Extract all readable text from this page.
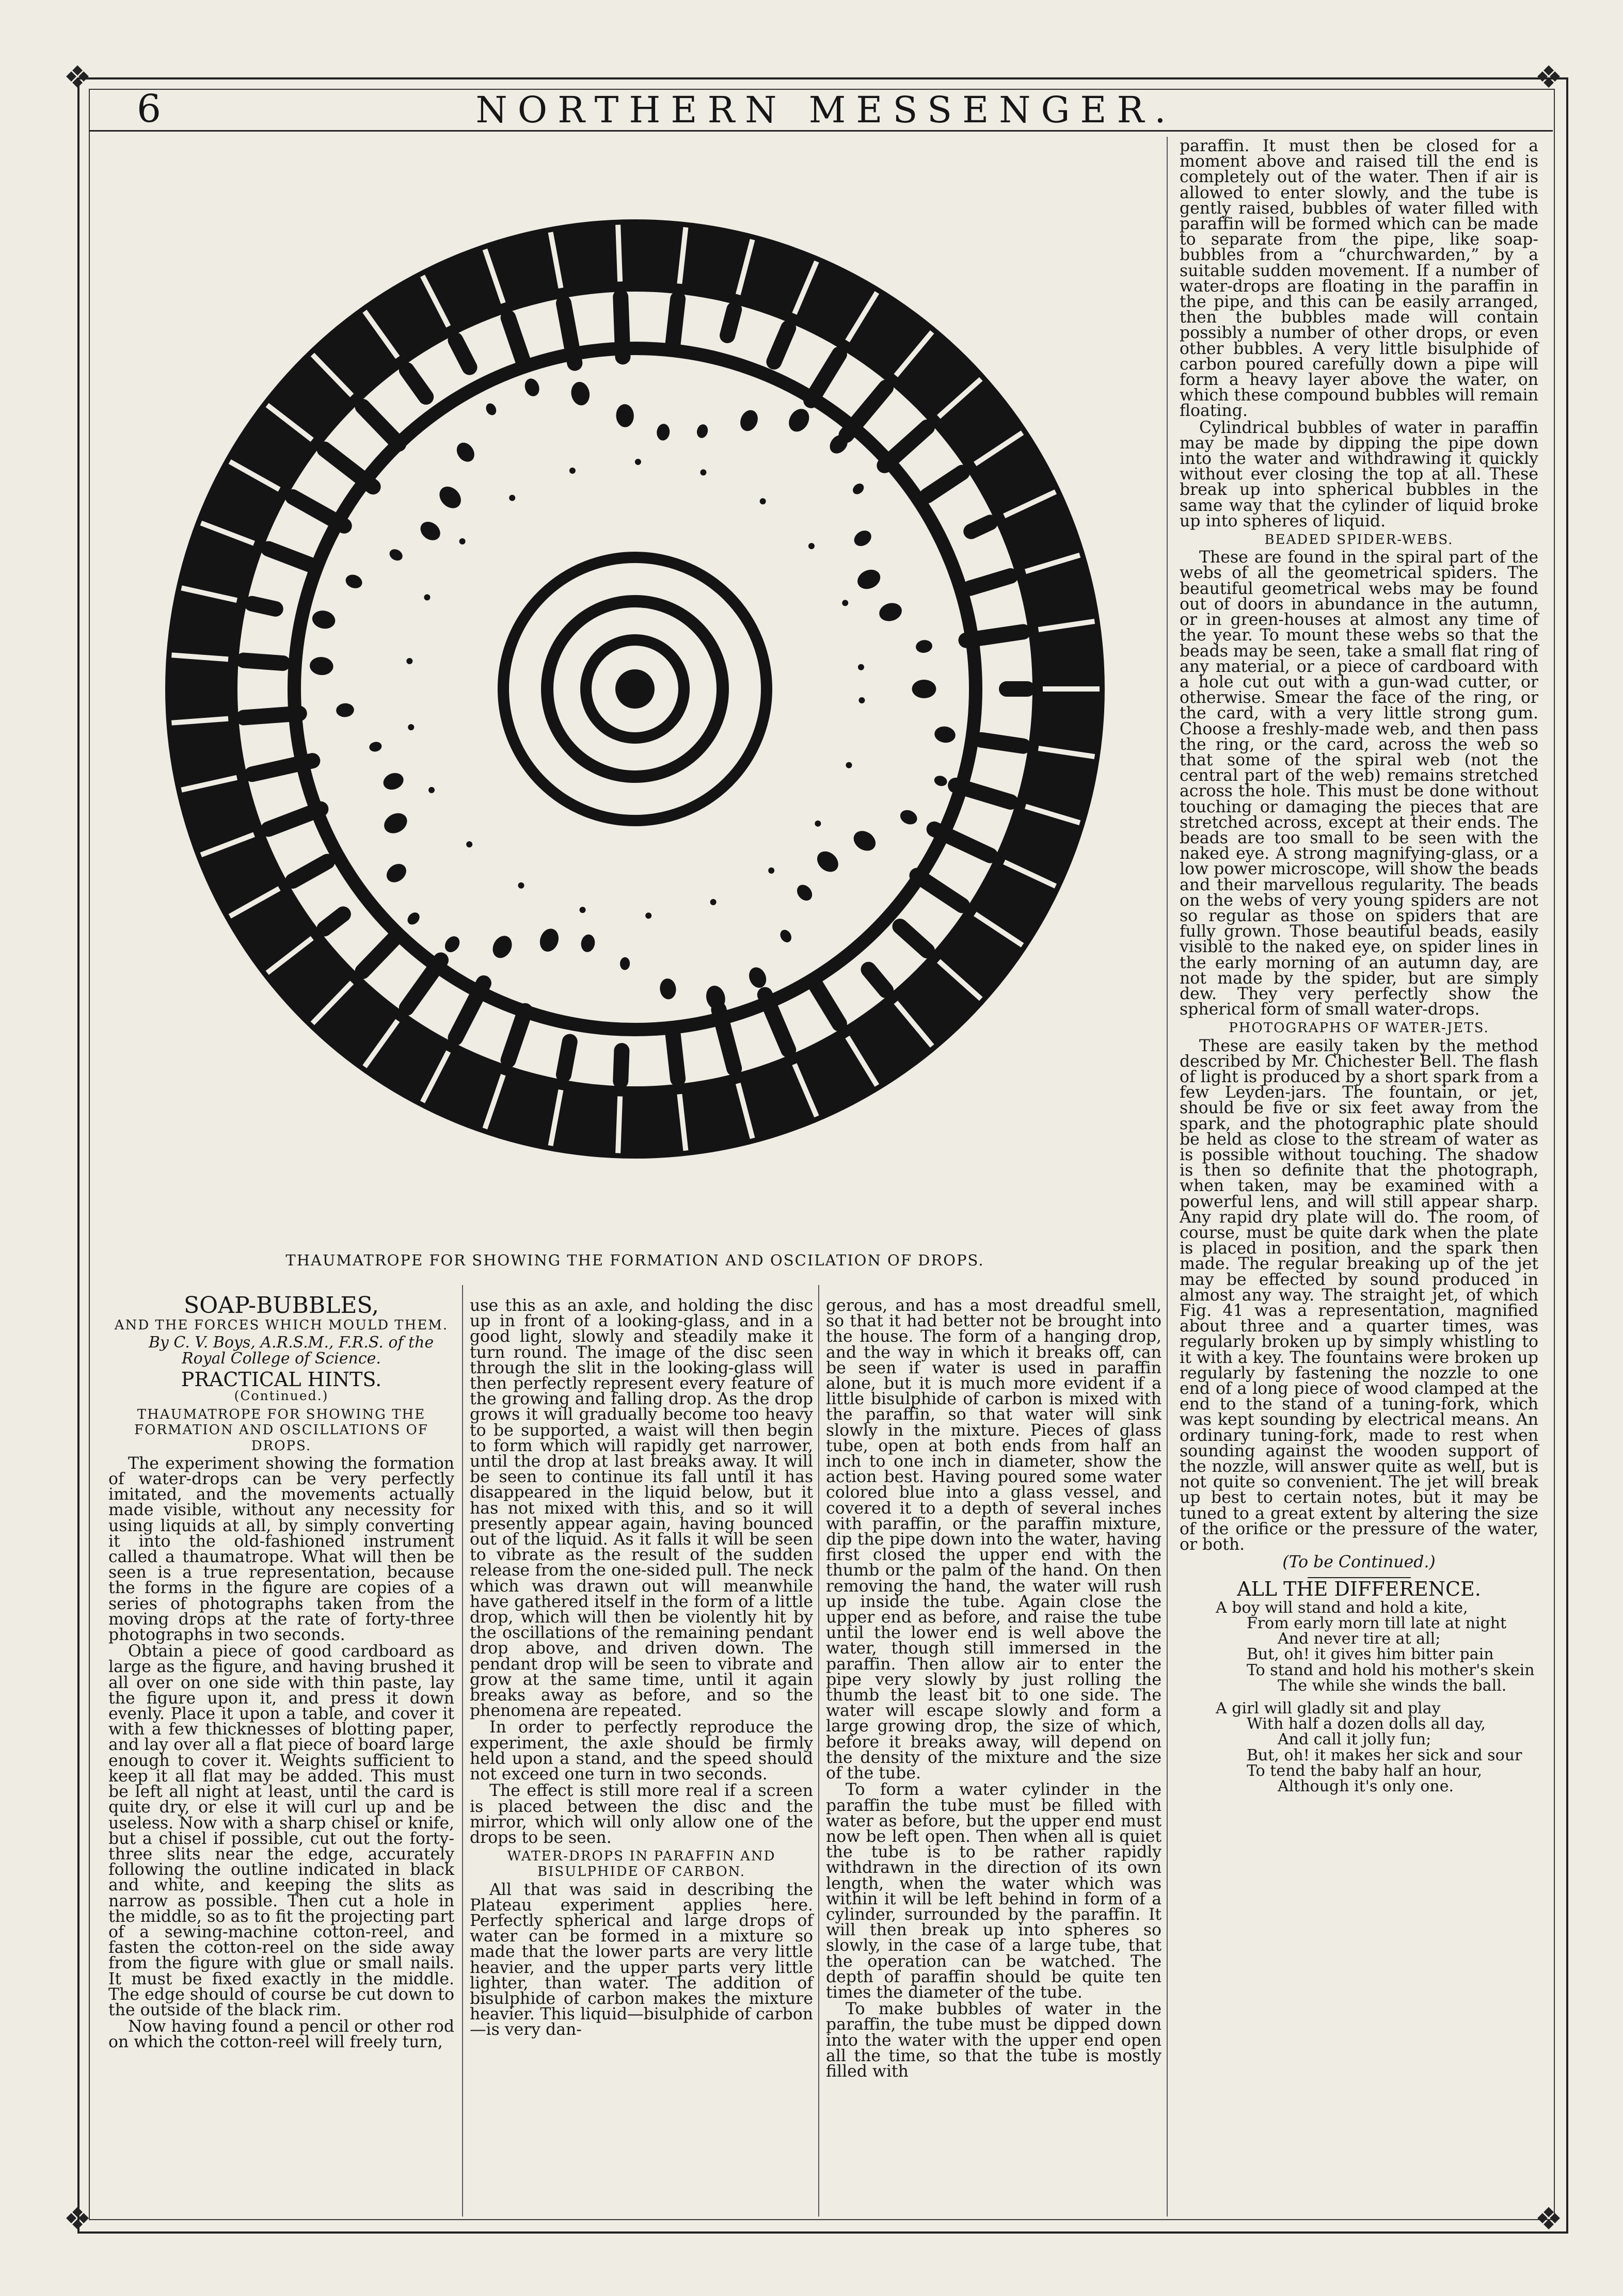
❖	❖
❖	❖
6	NORTHERN MESSENGER.
THAUMATROPE FOR SHOWING THE FORMATION AND OSCILATION OF DROPS.

paraffin. It must then be closed for a moment above and raised till the end is completely out of the water. Then if air is allowed to enter slowly, and the tube is gently raised, bubbles of water filled with paraffin will be formed which can be made to separate from the pipe, like soap-bubbles from a “churchwarden,” by a suitable sudden movement. If a number of water-drops are floating in the paraffin in the pipe, and this can be easily arranged, then the bubbles made will contain possibly a number of other drops, or even other bubbles. A very little bisulphide of carbon poured carefully down a pipe will form a heavy layer above the water, on which these compound bubbles will remain floating.

Cylindrical bubbles of water in paraffin may be made by dipping the pipe down into the water and withdrawing it quickly without ever closing the top at all. These break up into spherical bubbles in the same way that the cylinder of liquid broke up into spheres of liquid.

BEADED SPIDER-WEBS.

These are found in the spiral part of the webs of all the geometrical spiders. The beautiful geometrical webs may be found out of doors in abundance in the autumn, or in green-houses at almost any time of the year. To mount these webs so that the beads may be seen, take a small flat ring of any material, or a piece of cardboard with a hole cut out with a gun-wad cutter, or otherwise. Smear the face of the ring, or the card, with a very little strong gum. Choose a freshly-made web, and then pass the ring, or the card, across the web so that some of the spiral web (not the central part of the web) remains stretched across the hole. This must be done without touching or damaging the pieces that are stretched across, except at their ends. The beads are too small to be seen with the naked eye. A strong magnifying-glass, or a low power microscope, will show the beads and their marvellous regularity. The beads on the webs of very young spiders are not so regular as those on spiders that are fully grown. Those beautiful beads, easily visible to the naked eye, on spider lines in the early morning of an autumn day, are not made by the spider, but are simply dew. They very perfectly show the spherical form of small water-drops.

PHOTOGRAPHS OF WATER-JETS.

These are easily taken by the method described by Mr. Chichester Bell. The flash of light is produced by a short spark from a few Leyden-jars. The fountain, or jet, should be five or six feet away from the spark, and the photographic plate should be held as close to the stream of water as is possible without touching. The shadow is then so definite that the photograph, when taken, may be examined with a powerful lens, and will still appear sharp. Any rapid dry plate will do. The room, of course, must be quite dark when the plate is placed in position, and the spark then made. The regular breaking up of the jet may be effected by sound produced in almost any way. The straight jet, of which Fig. 41 was a representation, magnified about three and a quarter times, was regularly broken up by simply whistling to it with a key. The fountains were broken up regularly by fastening the nozzle to one end of a long piece of wood clamped at the end to the stand of a tuning-fork, which was kept sounding by electrical means. An ordinary tuning-fork, made to rest when sounding against the wooden support of the nozzle, will answer quite as well, but is not quite so convenient. The jet will break up best to certain notes, but it may be tuned to a great extent by altering the size of the orifice or the pressure of the water, or both.

(To be Continued.)

ALL THE DIFFERENCE.

A boy will stand and hold a kite,

From early morn till late at night

And never tire at all;

But, oh! it gives him bitter pain

To stand and hold his mother's skein

The while she winds the ball.

A girl will gladly sit and play

With half a dozen dolls all day,

And call it jolly fun;

But, oh! it makes her sick and sour

To tend the baby half an hour,

Although it's only one.

SOAP-BUBBLES,
AND THE FORCES WHICH MOULD THEM.

By C. V. Boys, A.R.S.M., F.R.S. of the Royal College of Science.

PRACTICAL HINTS.
(Continued.)
THAUMATROPE FOR SHOWING THE FORMATION AND OSCILLATIONS OF DROPS.

The experiment showing the formation of water-drops can be very perfectly imitated, and the movements actually made visible, without any necessity for using liquids at all, by simply converting it into the old-fashioned instrument called a thaumatrope. What will then be seen is a true representation, because the forms in the figure are copies of a series of photographs taken from the moving drops at the rate of forty-three photographs in two seconds.

Obtain a piece of good cardboard as large as the figure, and having brushed it all over on one side with thin paste, lay the figure upon it, and press it down evenly. Place it upon a table, and cover it with a few thicknesses of blotting paper, and lay over all a flat piece of board large enough to cover it. Weights sufficient to keep it all flat may be added. This must be left all night at least, until the card is quite dry, or else it will curl up and be useless. Now with a sharp chisel or knife, but a chisel if possible, cut out the forty-three slits near the edge, accurately following the outline indicated in black and white, and keeping the slits as narrow as possible. Then cut a hole in the middle, so as to fit the projecting part of a sewing-machine cotton-reel, and fasten the cotton-reel on the side away from the figure with glue or small nails. It must be fixed exactly in the middle. The edge should of course be cut down to the outside of the black rim.

Now having found a pencil or other rod on which the cotton-reel will freely turn,

use this as an axle, and holding the disc up in front of a looking-glass, and in a good light, slowly and steadily make it turn round. The image of the disc seen through the slit in the looking-glass will then perfectly represent every feature of the growing and falling drop. As the drop grows it will gradually become too heavy to be supported, a waist will then begin to form which will rapidly get narrower, until the drop at last breaks away. It will be seen to continue its fall until it has disappeared in the liquid below, but it has not mixed with this, and so it will presently appear again, having bounced out of the liquid. As it falls it will be seen to vibrate as the result of the sudden release from the one-sided pull. The neck which was drawn out will meanwhile have gathered itself in the form of a little drop, which will then be violently hit by the oscillations of the remaining pendant drop above, and driven down. The pendant drop will be seen to vibrate and grow at the same time, until it again breaks away as before, and so the phenomena are repeated.

In order to perfectly reproduce the experiment, the axle should be firmly held upon a stand, and the speed should not exceed one turn in two seconds.

The effect is still more real if a screen is placed between the disc and the mirror, which will only allow one of the drops to be seen.

WATER-DROPS IN PARAFFIN AND BISULPHIDE OF CARBON.

All that was said in describing the Plateau experiment applies here. Perfectly spherical and large drops of water can be formed in a mixture so made that the lower parts are very little heavier, and the upper parts very little lighter, than water. The addition of bisulphide of carbon makes the mixture heavier. This liquid—bisulphide of carbon—is very dan-

gerous, and has a most dreadful smell, so that it had better not be brought into the house. The form of a hanging drop, and the way in which it breaks off, can be seen if water is used in paraffin alone, but it is much more evident if a little bisulphide of carbon is mixed with the paraffin, so that water will sink slowly in the mixture. Pieces of glass tube, open at both ends from half an inch to one inch in diameter, show the action best. Having poured some water colored blue into a glass vessel, and covered it to a depth of several inches with paraffin, or the paraffin mixture, dip the pipe down into the water, having first closed the upper end with the thumb or the palm of the hand. On then removing the hand, the water will rush up inside the tube. Again close the upper end as before, and raise the tube until the lower end is well above the water, though still immersed in the paraffin. Then allow air to enter the pipe very slowly by just rolling the thumb the least bit to one side. The water will escape slowly and form a large growing drop, the size of which, before it breaks away, will depend on the density of the mixture and the size of the tube.

To form a water cylinder in the paraffin the tube must be filled with water as before, but the upper end must now be left open. Then when all is quiet the tube is to be rather rapidly withdrawn in the direction of its own length, when the water which was within it will be left behind in form of a cylinder, surrounded by the paraffin. It will then break up into spheres so slowly, in the case of a large tube, that the operation can be watched. The depth of paraffin should be quite ten times the diameter of the tube.

To make bubbles of water in the paraffin, the tube must be dipped down into the water with the upper end open all the time, so that the tube is mostly filled with
